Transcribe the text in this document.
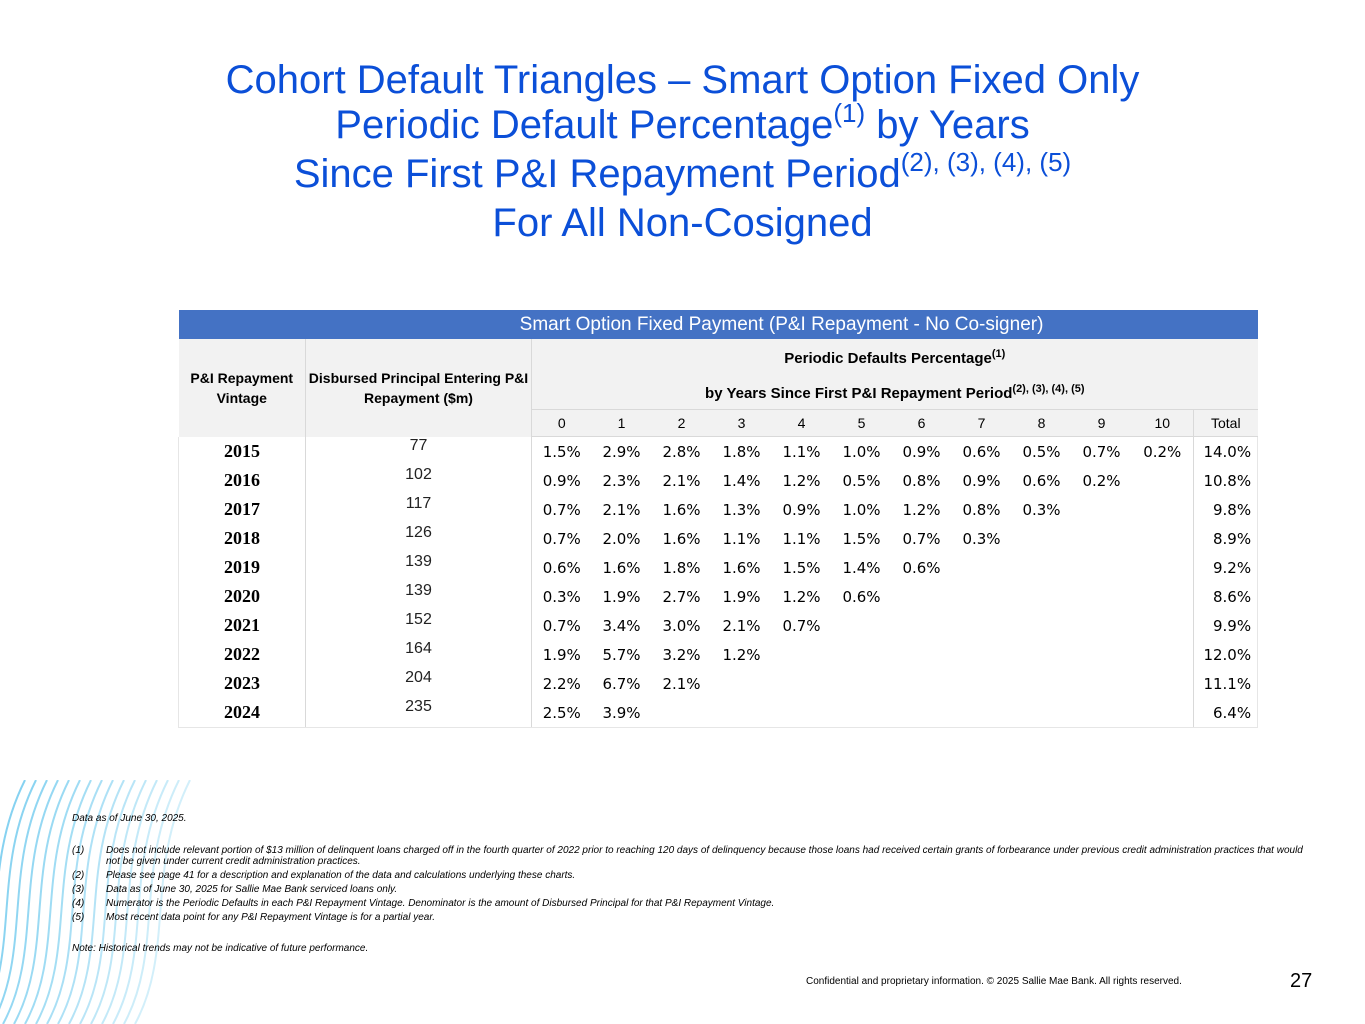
Cohort Default Triangles – Smart Option Fixed Only
Periodic Default Percentage$^{(1)}$ by Years
Since First P&I Repayment Period$^{(2), (3), (4), (5)}$
For All Non-Cosigned
	Smart Option Fixed Payment (P&I Repayment - No Co-signer)												
P&I Repayment Vintage	Disbursed Principal Entering P&I Repayment ($m)	Periodic Defaults Percentage$^{(1)}$
by Years Since First P&I Repayment Period$^{(2), (3), (4), (5)}$

		0	1	2	3	4	5	6	7	8	9	10	Total
2015	77	1.5%	2.9%	2.8%	1.8%	1.1%	1.0%	0.9%	0.6%	0.5%	0.7%	0.2%	14.0%
2016	102	0.9%	2.3%	2.1%	1.4%	1.2%	0.5%	0.8%	0.9%	0.6%	0.2%		10.8%
2017	117	0.7%	2.1%	1.6%	1.3%	0.9%	1.0%	1.2%	0.8%	0.3%			9.8%
2018	126	0.7%	2.0%	1.6%	1.1%	1.1%	1.5%	0.7%	0.3%				8.9%
2019	139	0.6%	1.6%	1.8%	1.6%	1.5%	1.4%	0.6%					9.2%
2020	139	0.3%	1.9%	2.7%	1.9%	1.2%	0.6%						8.6%
2021	152	0.7%	3.4%	3.0%	2.1%	0.7%							9.9%
2022	164	1.9%	5.7%	3.2%	1.2%								12.0%
2023	204	2.2%	6.7%	2.1%									11.1%
2024	235	2.5%	3.9%										6.4%

Data as of June 30, 2025.

(1)	Does not include relevant portion of $13 million of delinquent loans charged off in the fourth quarter of 2022 prior to reaching 120 days of delinquency because those loans had received certain grants of forbearance under previous credit administration practices that would not be given under current credit administration practices.
(2)	Please see page 41 for a description and explanation of the data and calculations underlying these charts.
(3)	Data as of June 30, 2025 for Sallie Mae Bank serviced loans only.
(4)	Numerator is the Periodic Defaults in each P&I Repayment Vintage. Denominator is the amount of Disbursed Principal for that P&I Repayment Vintage.
(5)	Most recent data point for any P&I Repayment Vintage is for a partial year.

Note: Historical trends may not be indicative of future performance.

Confidential and proprietary information. © 2025 Sallie Mae Bank. All rights reserved.	27
